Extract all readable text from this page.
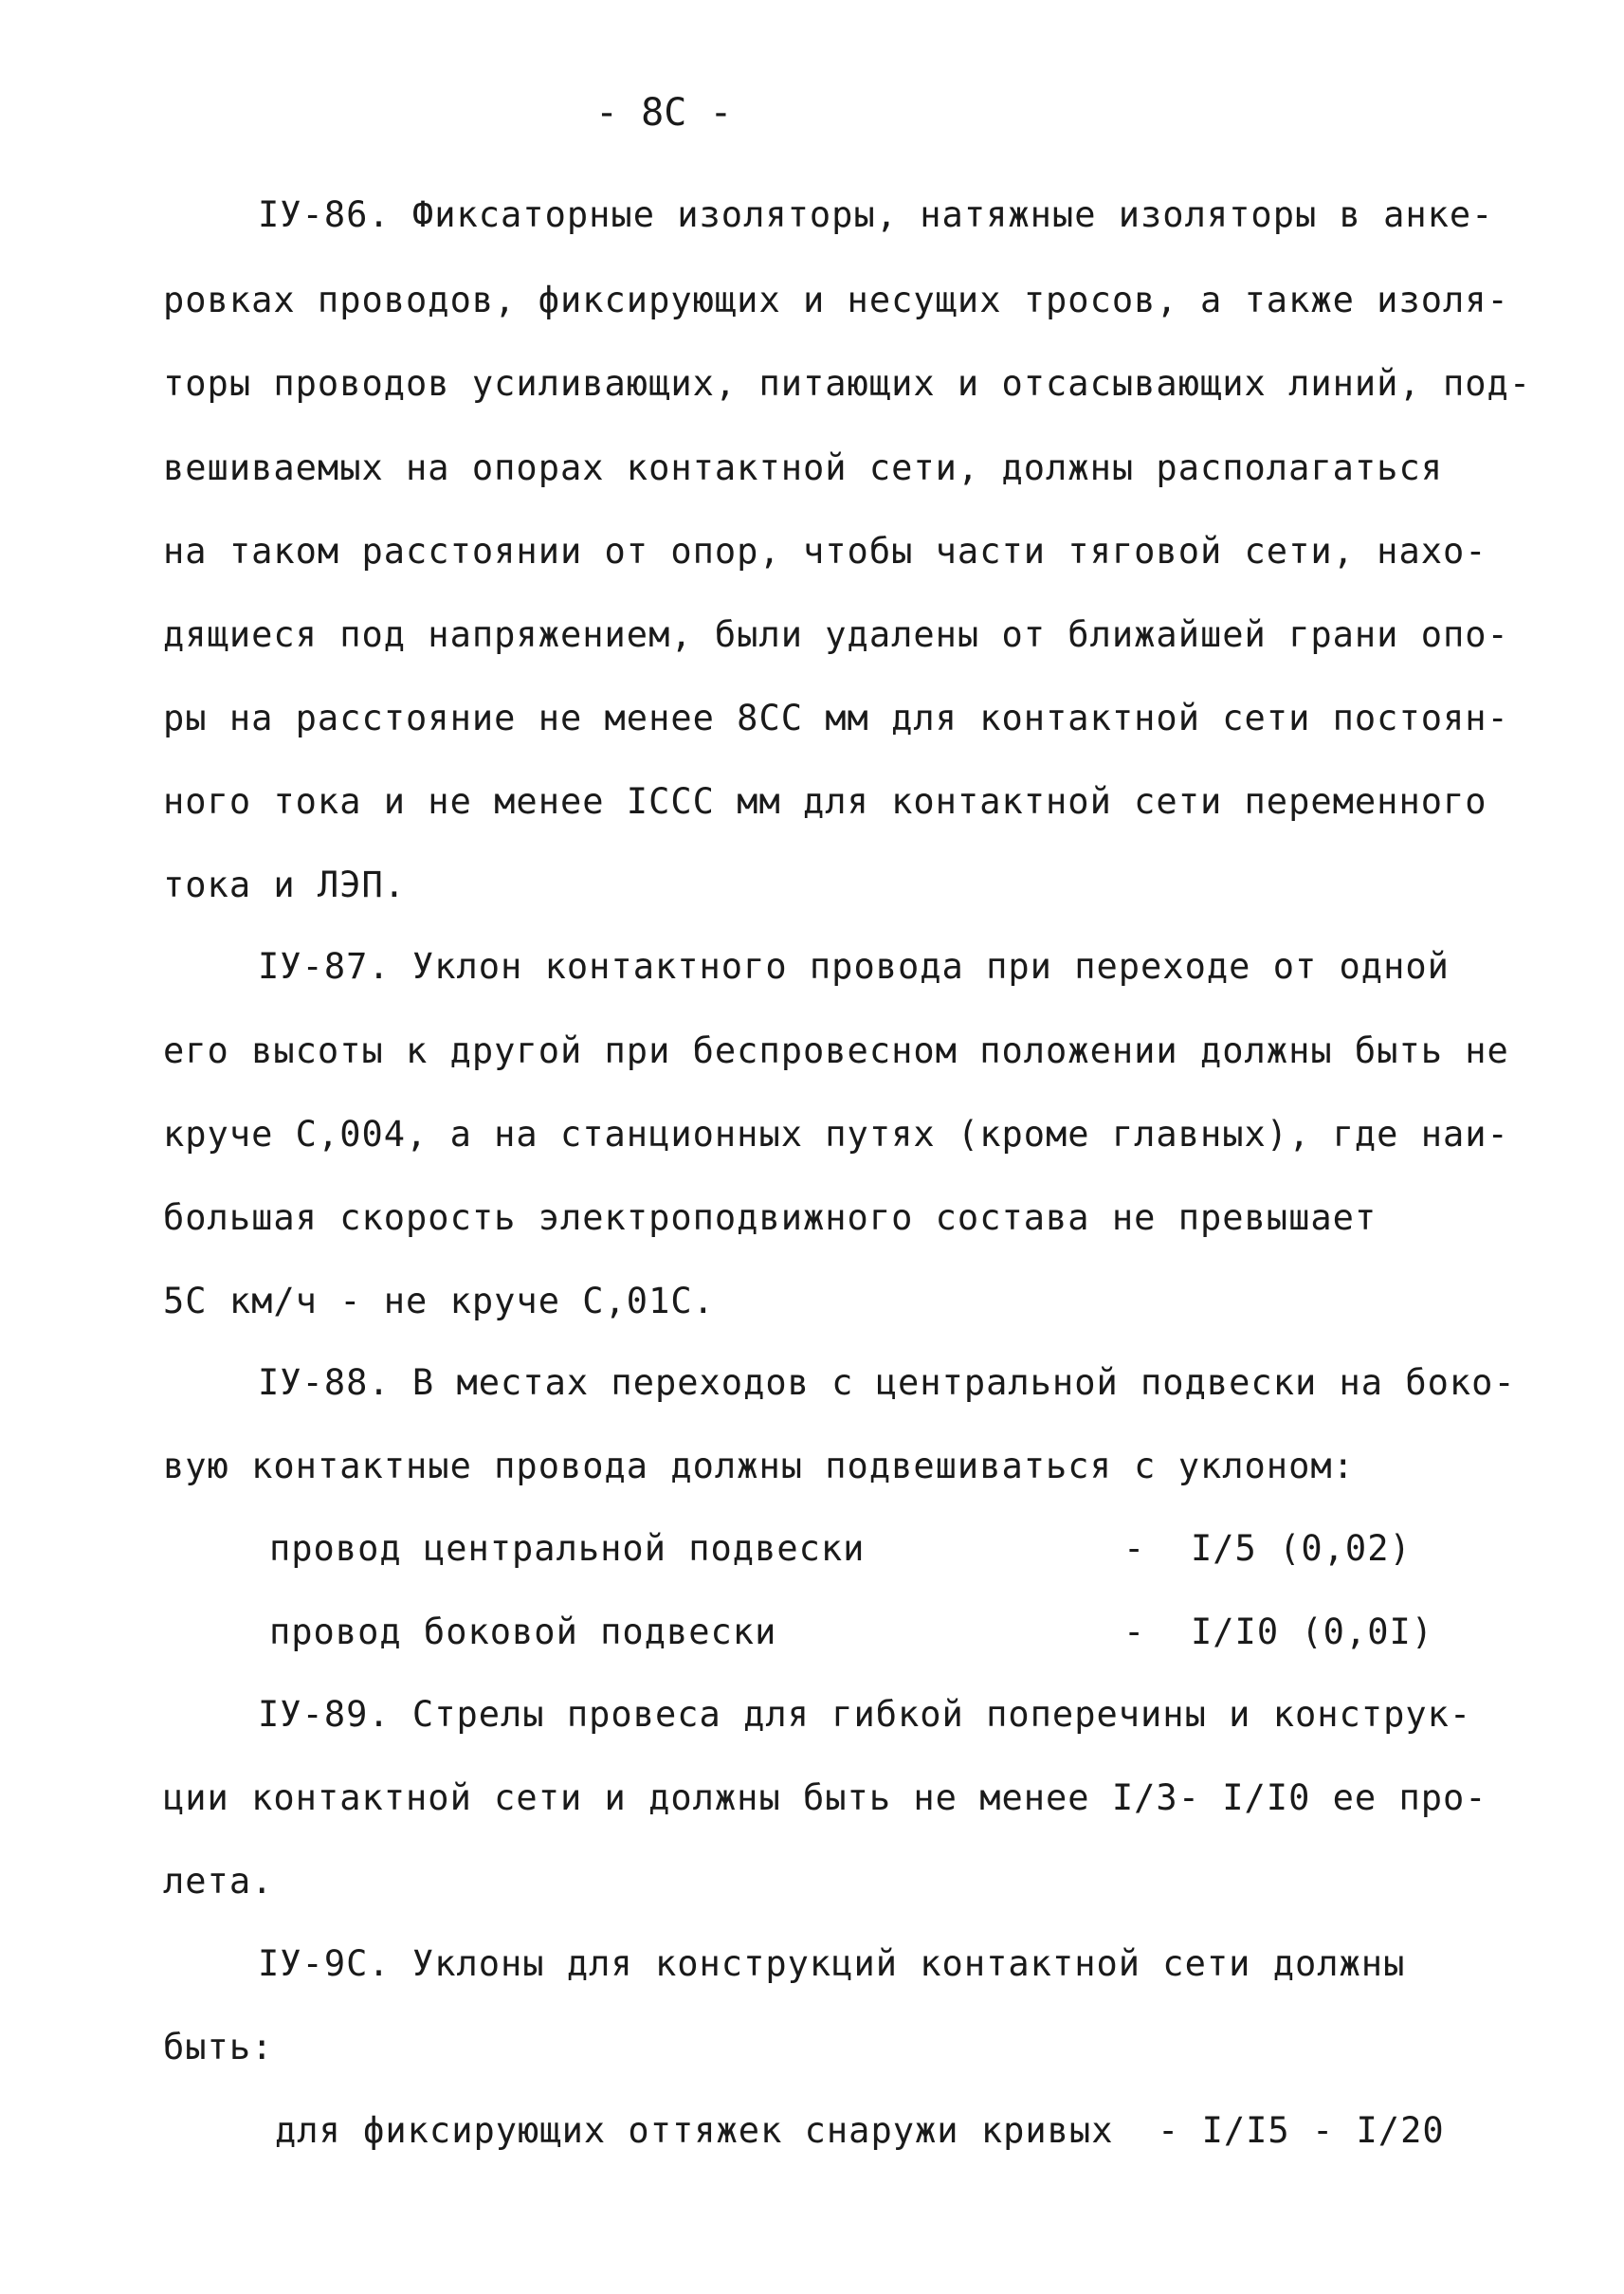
- 8C -
IУ-86. Фиксаторные изоляторы, натяжные изоляторы в анке-
ровках проводов, фиксирующих и несущих тросов, а также изоля-
торы проводов усиливающих, питающих и отсасывающих линий, под-
вешиваемых на опорах контактной сети, должны располагаться
на таком расстоянии от опор, чтобы части тяговой сети, нахо-
дящиеся под напряжением, были удалены от ближайшей грани опо-
ры на расстояние не менее 8СС мм для контактной сети постоян-
ного тока и не менее IССС мм для контактной сети переменного
тока и ЛЭП.
IУ-87. Уклон контактного провода при переходе от одной
его высоты к другой при беспровесном положении должны быть не
круче С,004, а на станционных путях (кроме главных), где наи-
большая скорость электроподвижного состава не превышает
5С км/ч - не круче С,01С.
IУ-88. В местах переходов с центральной подвески на боко-
вую контактные провода должны подвешиваться с уклоном:
провод центральной подвески	- I/5 (0,02)
провод боковой подвески	- I/I0 (0,0I)
IУ-89. Стрелы провеса для гибкой поперечины и конструк-
ции контактной сети и должны быть не менее I/3- I/I0 ее про-
лета.
IУ-9С. Уклоны для конструкций контактной сети должны
быть:
для фиксирующих оттяжек снаружи кривых  - I/I5 - I/20
